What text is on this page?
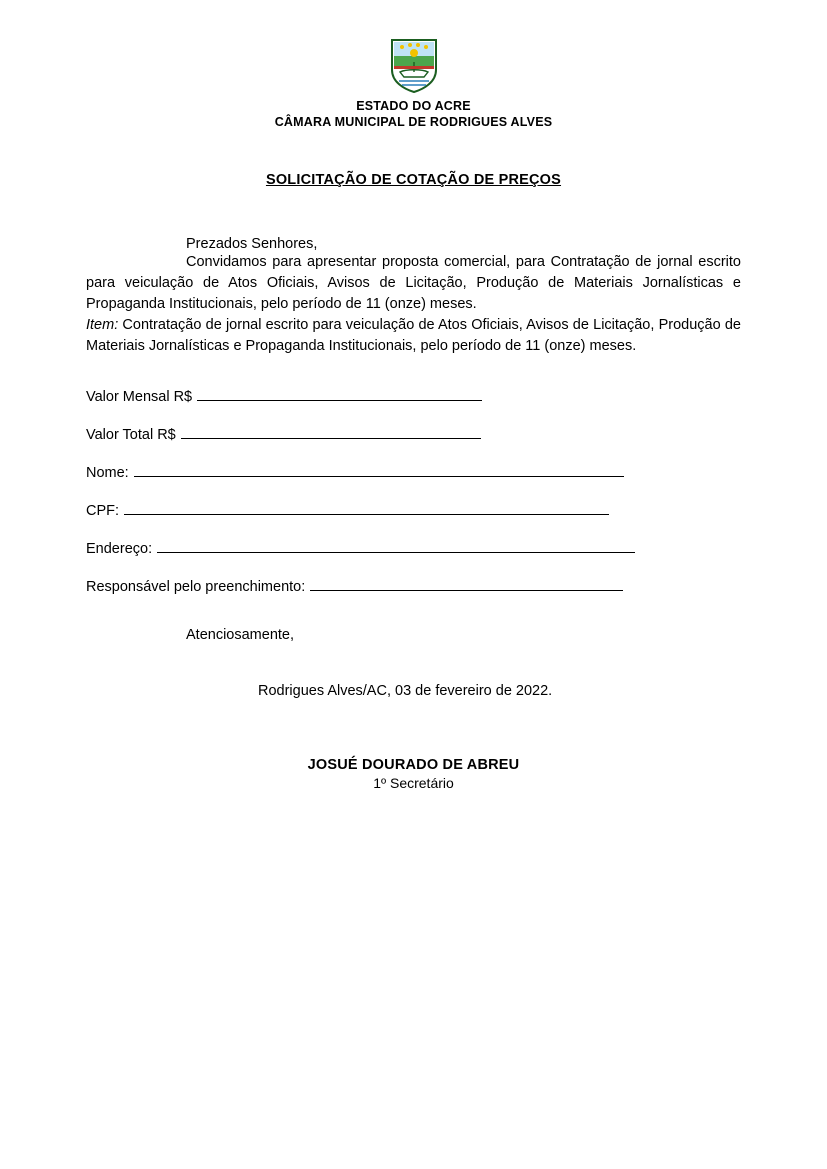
ESTADO DO ACRE
CÂMARA MUNICIPAL DE RODRIGUES ALVES
SOLICITAÇÃO DE COTAÇÃO DE PREÇOS
Prezados Senhores,

Convidamos para apresentar proposta comercial, para Contratação de jornal escrito para veiculação de Atos Oficiais, Avisos de Licitação, Produção de Materiais Jornalísticas e Propaganda Institucionais, pelo período de 11 (onze) meses.

Item: Contratação de jornal escrito para veiculação de Atos Oficiais, Avisos de Licitação, Produção de Materiais Jornalísticas e Propaganda Institucionais, pelo período de 11 (onze) meses.

Valor Mensal R$
Valor Total R$
Nome:
CPF:
Endereço:
Responsável pelo preenchimento:
Atenciosamente,
Rodrigues Alves/AC, 03 de fevereiro de 2022.
JOSUÉ DOURADO DE ABREU
1º Secretário
